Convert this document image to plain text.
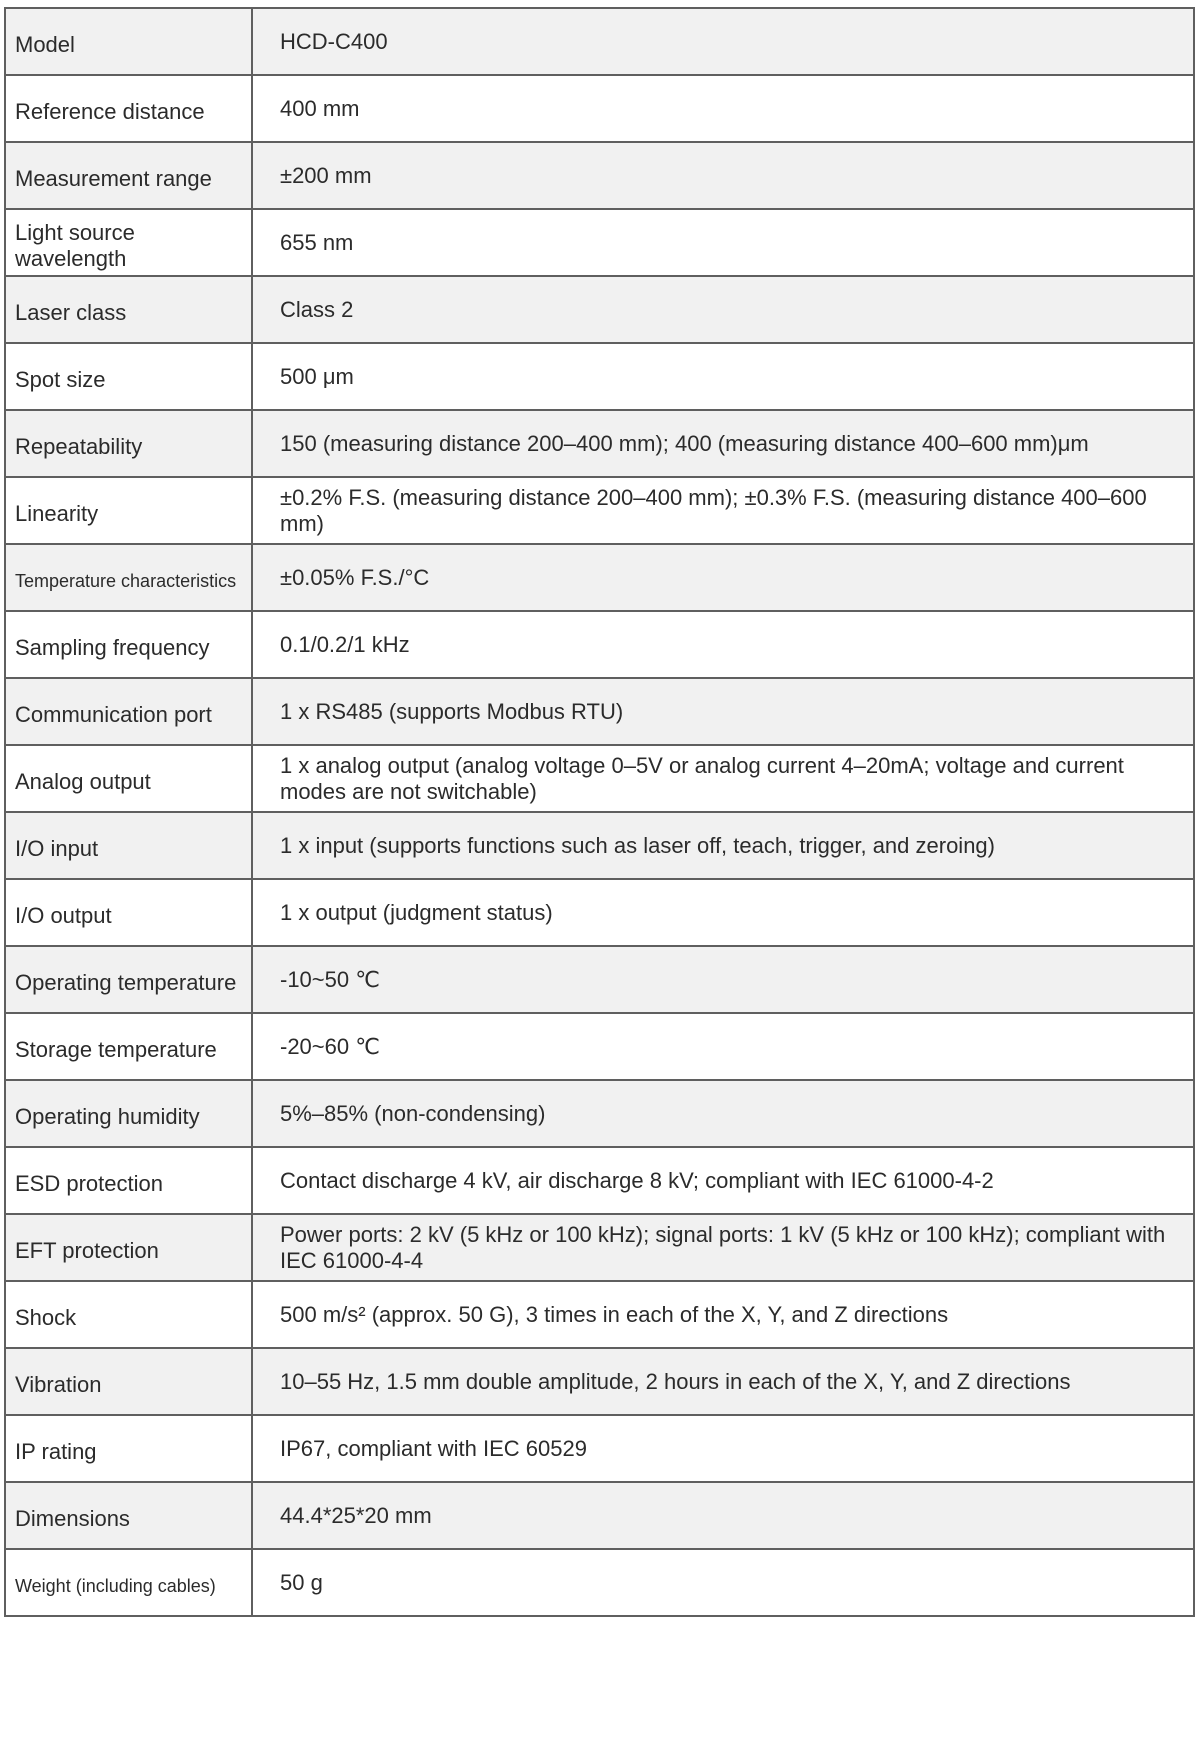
Model	HCD-C400
Reference distance	400 mm
Measurement range	±200 mm
Light source wavelength	655 nm
Laser class	Class 2
Spot size	500 μm
Repeatability	150 (measuring distance 200–400 mm); 400 (measuring distance 400–600 mm)μm
Linearity	±0.2% F.S. (measuring distance 200–400 mm); ±0.3% F.S. (measuring distance 400–600 mm)
Temperature characteristics	±0.05% F.S./°C
Sampling frequency	0.1/0.2/1 kHz
Communication port	1 x RS485 (supports Modbus RTU)
Analog output	1 x analog output (analog voltage 0–5V or analog current 4–20mA; voltage and current modes are not switchable)
I/O input	1 x input (supports functions such as laser off, teach, trigger, and zeroing)
I/O output	1 x output (judgment status)
Operating temperature	-10~50 ℃
Storage temperature	-20~60 ℃
Operating humidity	5%–85% (non-condensing)
ESD protection	Contact discharge 4 kV, air discharge 8 kV; compliant with IEC 61000-4-2
EFT protection	Power ports: 2 kV (5 kHz or 100 kHz); signal ports: 1 kV (5 kHz or 100 kHz); compliant with IEC 61000-4-4
Shock	500 m/s² (approx. 50 G), 3 times in each of the X, Y, and Z directions
Vibration	10–55 Hz, 1.5 mm double amplitude, 2 hours in each of the X, Y, and Z directions
IP rating	IP67, compliant with IEC 60529
Dimensions	44.4*25*20 mm
Weight (including cables)	50 g
